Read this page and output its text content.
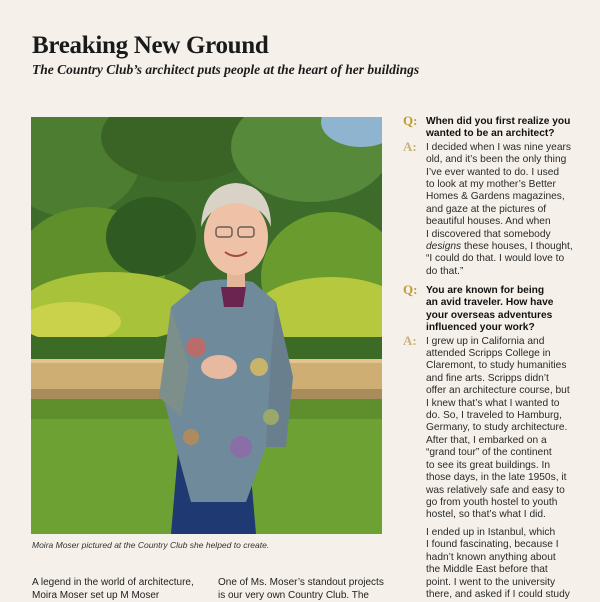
Breaking New Ground
The Country Club’s architect puts people at the heart of her buildings
Moira Moser pictured at the Country Club she helped to create.
Q: When did you first realize you
wanted to be an architect?
A: I decided when I was nine years
old, and it’s been the only thing
I’ve ever wanted to do. I used
to look at my mother’s Better
Homes & Gardens magazines,
and gaze at the pictures of
beautiful houses. And when
I discovered that somebody
designs these houses, I thought,
“I could do that. I would love to
do that.”
Q: You are known for being
an avid traveler. How have
your overseas adventures
influenced your work?
A: I grew up in California and
attended Scripps College in
Claremont, to study humanities
and fine arts. Scripps didn’t
offer an architecture course, but
I knew that’s what I wanted to
do. So, I traveled to Hamburg,
Germany, to study architecture.
After that, I embarked on a
“grand tour” of the continent
to see its great buildings. In
those days, in the late 1950s, it
was relatively safe and easy to
go from youth hostel to youth
hostel, so that’s what I did.
I ended up in Istanbul, which
I found fascinating, because I
hadn’t known anything about
the Middle East before that
point. I went to the university
there, and asked if I could study
A legend in the world of architecture,
Moira Moser set up M Moser
One of Ms. Moser’s standout projects
is our very own Country Club. The
